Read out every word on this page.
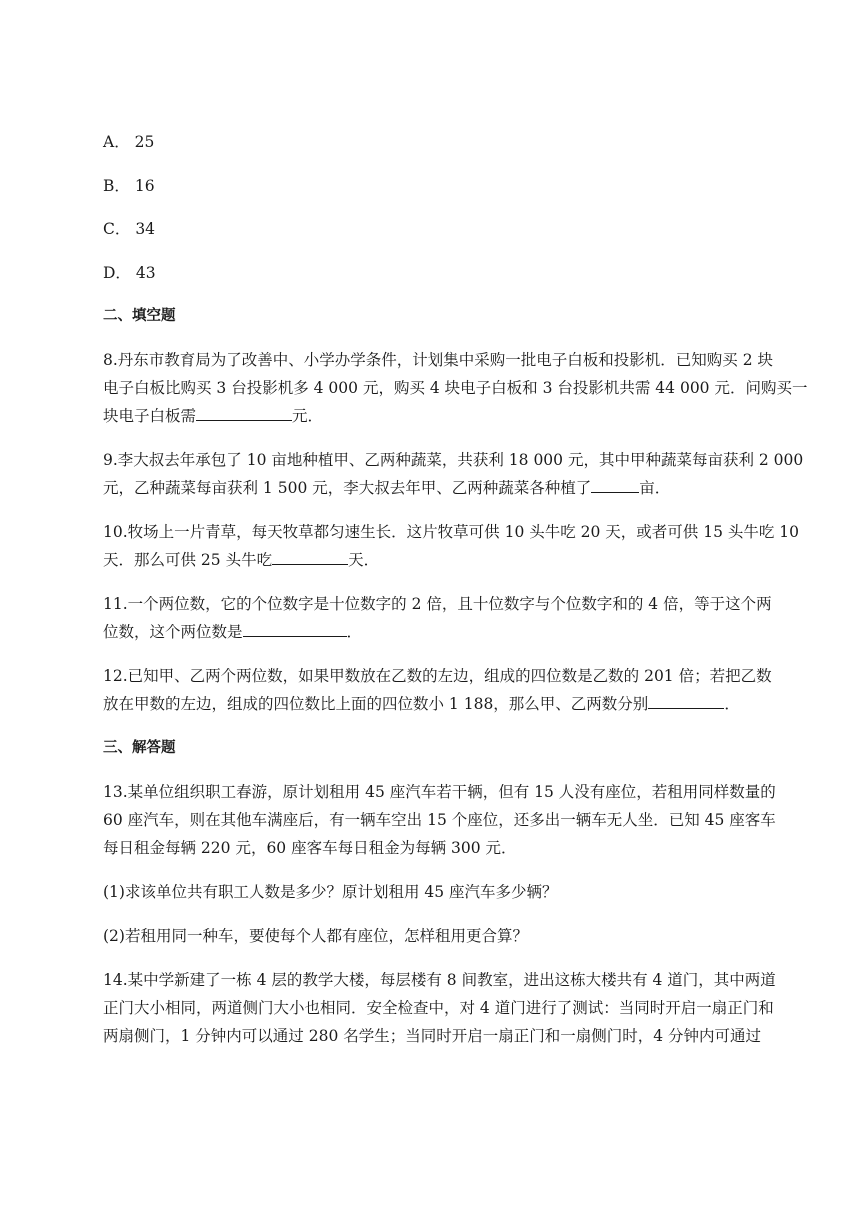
A． 25

B． 16

C． 34

D． 43

二、填空题

8.丹东市教育局为了改善中、小学办学条件，计划集中采购一批电子白板和投影机．已知购买 2 块

电子白板比购买 3 台投影机多 4 000 元，购买 4 块电子白板和 3 台投影机共需 44 000 元．问购买一

块电子白板需	元．

9.李大叔去年承包了 10 亩地种植甲、乙两种蔬菜，共获利 18 000 元，其中甲种蔬菜每亩获利 2 000

元，乙种蔬菜每亩获利 1 500 元，李大叔去年甲、乙两种蔬菜各种植了	亩．

10.牧场上一片青草，每天牧草都匀速生长．这片牧草可供 10 头牛吃 20 天，或者可供 15 头牛吃 10

天．那么可供 25 头牛吃	天．

11.一个两位数，它的个位数字是十位数字的 2 倍，且十位数字与个位数字和的 4 倍，等于这个两

位数，这个两位数是	．

12.已知甲、乙两个两位数，如果甲数放在乙数的左边，组成的四位数是乙数的 201 倍；若把乙数

放在甲数的左边，组成的四位数比上面的四位数小 1 188，那么甲、乙两数分别	．

三、解答题

13.某单位组织职工春游，原计划租用 45 座汽车若干辆，但有 15 人没有座位，若租用同样数量的

60 座汽车，则在其他车满座后，有一辆车空出 15 个座位，还多出一辆车无人坐．已知 45 座客车

每日租金每辆 220 元，60 座客车每日租金为每辆 300 元．

(1)求该单位共有职工人数是多少？原计划租用 45 座汽车多少辆？

(2)若租用同一种车，要使每个人都有座位，怎样租用更合算？

14.某中学新建了一栋 4 层的教学大楼，每层楼有 8 间教室，进出这栋大楼共有 4 道门，其中两道

正门大小相同，两道侧门大小也相同．安全检查中，对 4 道门进行了测试：当同时开启一扇正门和

两扇侧门，1 分钟内可以通过 280 名学生；当同时开启一扇正门和一扇侧门时，4 分钟内可通过
